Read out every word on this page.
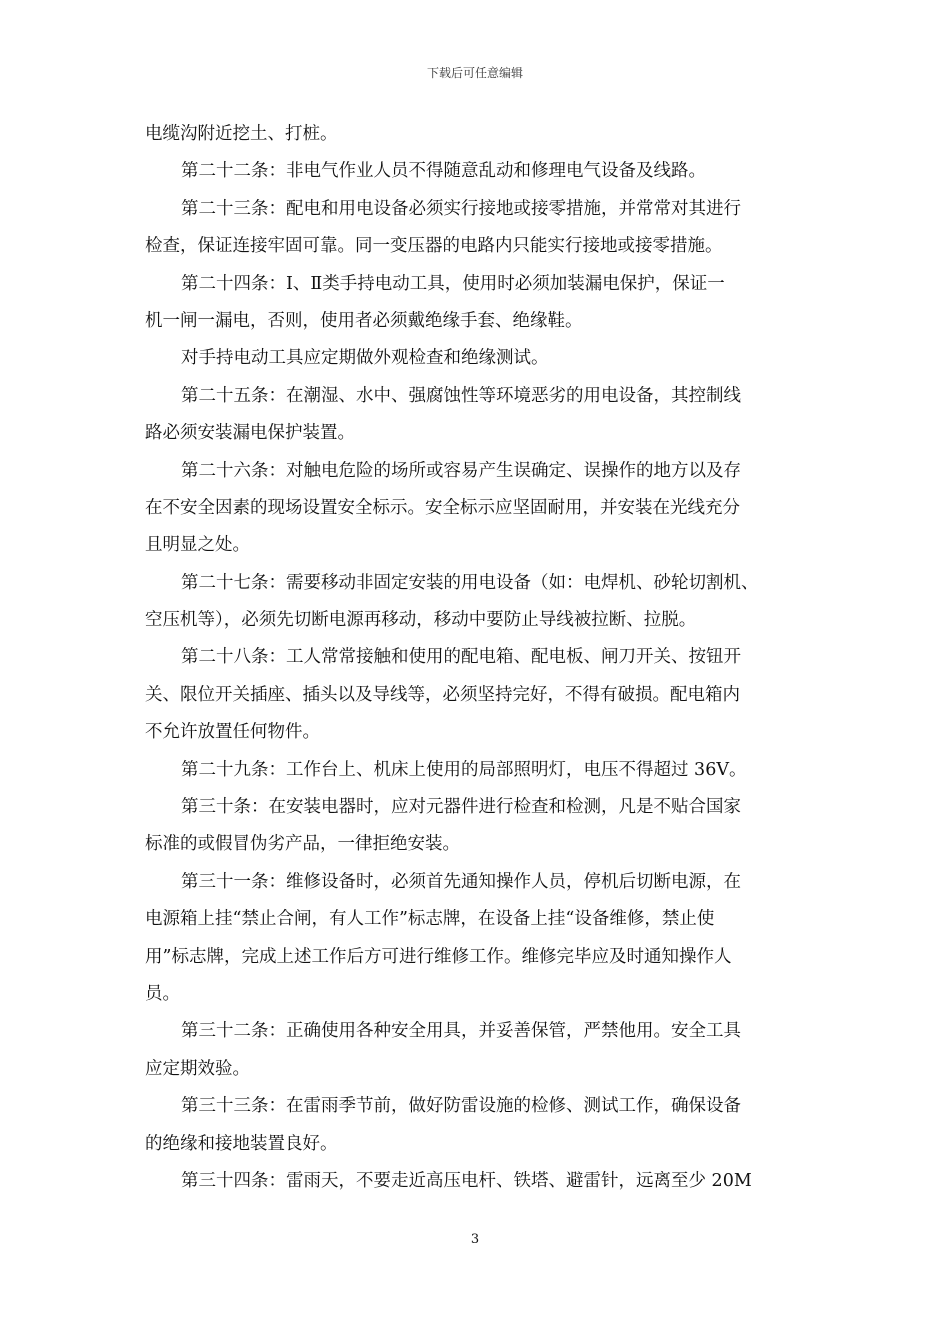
下载后可任意编辑
电缆沟附近挖土、打桩。
第二十二条：非电气作业人员不得随意乱动和修理电气设备及线路。
第二十三条：配电和用电设备必须实行接地或接零措施，并常常对其进行
检查，保证连接牢固可靠。同一变压器的电路内只能实行接地或接零措施。
第二十四条：Ⅰ、Ⅱ类手持电动工具，使用时必须加装漏电保护，保证一
机一闸一漏电，否则，使用者必须戴绝缘手套、绝缘鞋。
对手持电动工具应定期做外观检查和绝缘测试。
第二十五条：在潮湿、水中、强腐蚀性等环境恶劣的用电设备，其控制线
路必须安装漏电保护装置。
第二十六条：对触电危险的场所或容易产生误确定、误操作的地方以及存
在不安全因素的现场设置安全标示。安全标示应坚固耐用，并安装在光线充分
且明显之处。
第二十七条：需要移动非固定安装的用电设备（如：电焊机、砂轮切割机、
空压机等），必须先切断电源再移动，移动中要防止导线被拉断、拉脱。
第二十八条：工人常常接触和使用的配电箱、配电板、闸刀开关、按钮开
关、限位开关插座、插头以及导线等，必须坚持完好，不得有破损。配电箱内
不允许放置任何物件。
第二十九条：工作台上、机床上使用的局部照明灯，电压不得超过 36V。
第三十条：在安装电器时，应对元器件进行检查和检测，凡是不贴合国家
标准的或假冒伪劣产品，一律拒绝安装。
第三十一条：维修设备时，必须首先通知操作人员，停机后切断电源，在
电源箱上挂“禁止合闸，有人工作”标志牌，在设备上挂“设备维修，禁止使
用”标志牌，完成上述工作后方可进行维修工作。维修完毕应及时通知操作人
员。
第三十二条：正确使用各种安全用具，并妥善保管，严禁他用。安全工具
应定期效验。
第三十三条：在雷雨季节前，做好防雷设施的检修、测试工作，确保设备
的绝缘和接地装置良好。
第三十四条：雷雨天，不要走近高压电杆、铁塔、避雷针，远离至少 20M
3
